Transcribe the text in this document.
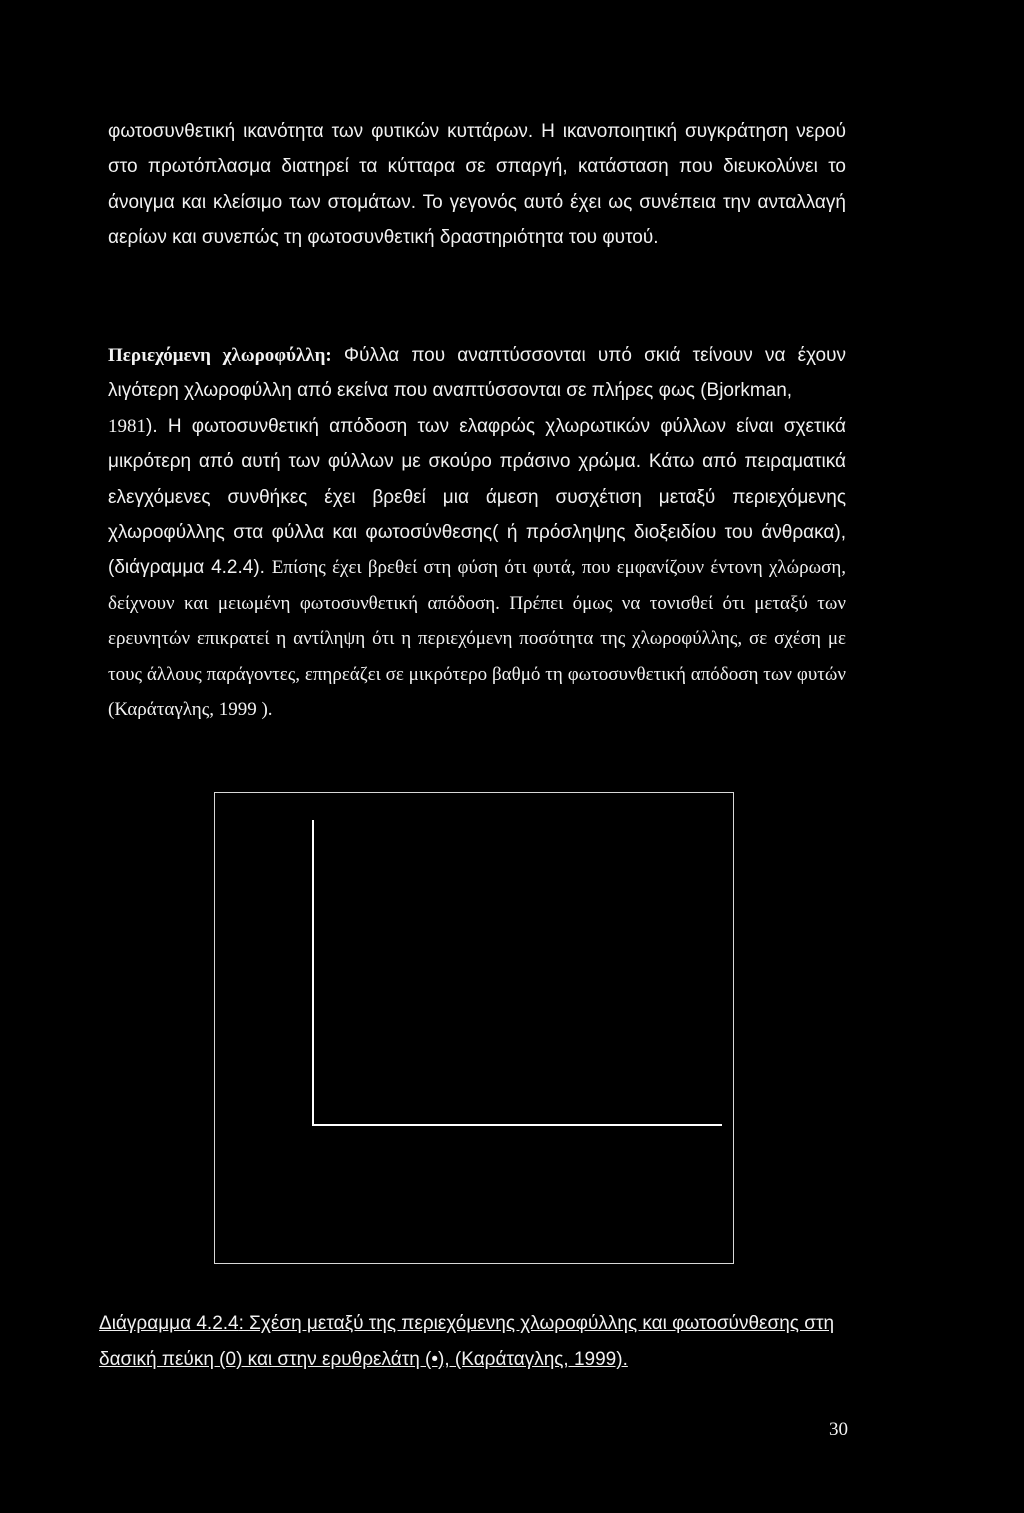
φωτοσυνθετική ικανότητα των φυτικών κυττάρων. Η ικανοποιητική συγκράτηση νερού στο πρωτόπλασμα διατηρεί τα κύτταρα σε σπαργή, κατάσταση που διευκολύνει το άνοιγμα και κλείσιμο των στομάτων. Το γεγονός αυτό έχει ως συνέπεια την ανταλλαγή αερίων και συνεπώς τη φωτοσυνθετική δραστηριότητα του φυτού.
Περιεχόμενη χλωροφύλλη: Φύλλα που αναπτύσσονται υπό σκιά τείνουν να έχουν λιγότερη χλωροφύλλη από εκείνα που αναπτύσσονται σε πλήρες φως (Bjorkman,
1981). Η φωτοσυνθετική απόδοση των ελαφρώς χλωρωτικών φύλλων είναι σχετικά μικρότερη από αυτή των φύλλων με σκούρο πράσινο χρώμα. Κάτω από πειραματικά ελεγχόμενες συνθήκες έχει βρεθεί μια άμεση συσχέτιση μεταξύ περιεχόμενης χλωροφύλλης στα φύλλα και φωτοσύνθεσης( ή πρόσληψης διοξειδίου του άνθρακα),(διάγραμμα 4.2.4). Επίσης έχει βρεθεί στη φύση ότι φυτά, που εμφανίζουν έντονη χλώρωση, δείχνουν και μειωμένη φωτοσυνθετική απόδοση. Πρέπει όμως να τονισθεί ότι μεταξύ των ερευνητών επικρατεί η αντίληψη ότι η περιεχόμενη ποσότητα της χλωροφύλλης, σε σχέση με τους άλλους παράγοντες, επηρεάζει σε μικρότερο βαθμό τη φωτοσυνθετική απόδοση των φυτών (Καράταγλης, 1999 ).
Διάγραμμα 4.2.4: Σχέση μεταξύ της περιεχόμενης χλωροφύλλης και φωτοσύνθεσης στη δασική πεύκη (0) και στην ερυθρελάτη (•), (Καράταγλης, 1999).
30
